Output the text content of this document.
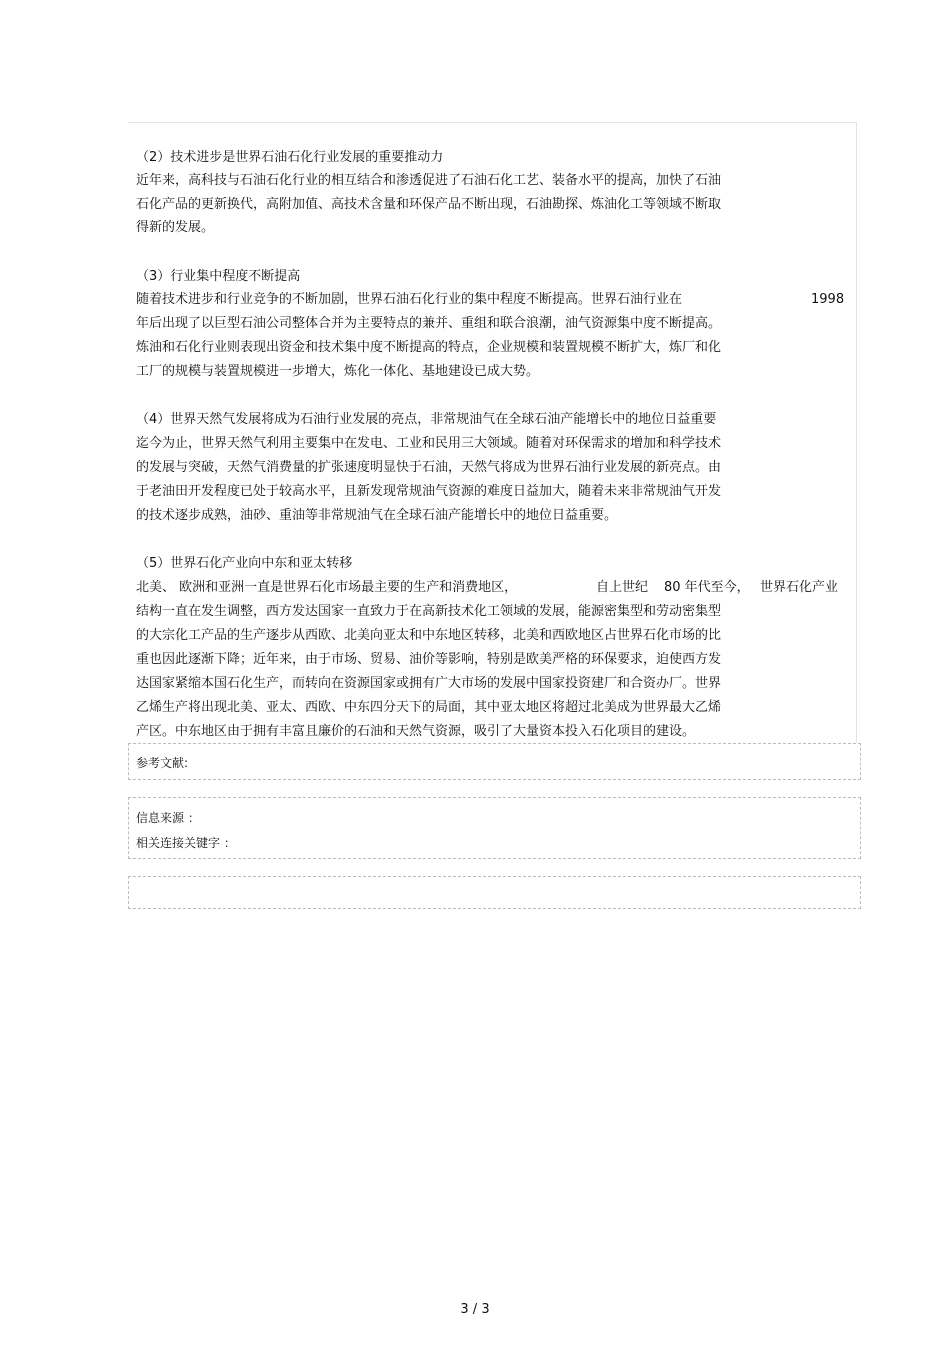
（2）技术进步是世界石油石化行业发展的重要推动力
近年来，高科技与石油石化行业的相互结合和渗透促进了石油石化工艺、装备水平的提高，加快了石油
石化产品的更新换代，高附加值、高技术含量和环保产品不断出现，石油勘探、炼油化工等领域不断取
得新的发展。
（3）行业集中程度不断提高
随着技术进步和行业竞争的不断加剧，世界石油石化行业的集中程度不断提高。世界石油行业在	1998
年后出现了以巨型石油公司整体合并为主要特点的兼并、重组和联合浪潮，油气资源集中度不断提高。
炼油和石化行业则表现出资金和技术集中度不断提高的特点，企业规模和装置规模不断扩大，炼厂和化
工厂的规模与装置规模进一步增大，炼化一体化、基地建设已成大势。
（4）世界天然气发展将成为石油行业发展的亮点，非常规油气在全球石油产能增长中的地位日益重要
迄今为止，世界天然气利用主要集中在发电、工业和民用三大领域。随着对环保需求的增加和科学技术
的发展与突破，天然气消费量的扩张速度明显快于石油，天然气将成为世界石油行业发展的新亮点。由
于老油田开发程度已处于较高水平，且新发现常规油气资源的难度日益加大，随着未来非常规油气开发
的技术逐步成熟，油砂、重油等非常规油气在全球石油产能增长中的地位日益重要。
（5）世界石化产业向中东和亚太转移
北美、 欧洲和亚洲一直是世界石化市场最主要的生产和消费地区，	自上世纪 80 年代至今， 世界石化产业
结构一直在发生调整，西方发达国家一直致力于在高新技术化工领域的发展，能源密集型和劳动密集型
的大宗化工产品的生产逐步从西欧、北美向亚太和中东地区转移，北美和西欧地区占世界石化市场的比
重也因此逐渐下降；近年来，由于市场、贸易、油价等影响，特别是欧美严格的环保要求，迫使西方发
达国家紧缩本国石化生产，而转向在资源国家或拥有广大市场的发展中国家投资建厂和合资办厂。世界
乙烯生产将出现北美、亚太、西欧、中东四分天下的局面，其中亚太地区将超过北美成为世界最大乙烯
产区。中东地区由于拥有丰富且廉价的石油和天然气资源，吸引了大量资本投入石化项目的建设。
参考文献:
信息来源 ：
相关连接关键字 ：
3 / 3
